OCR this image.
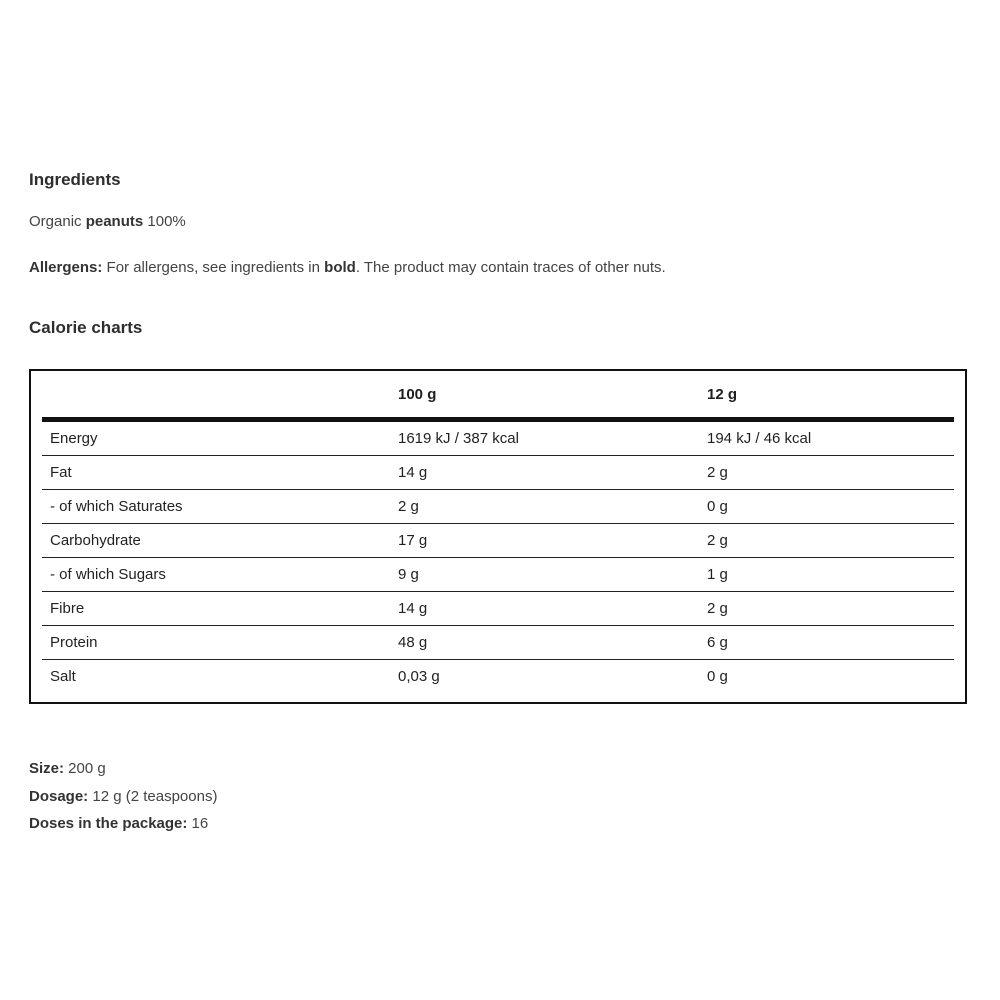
Ingredients

Organic peanuts 100%

Allergens: For allergens, see ingredients in bold. The product may contain traces of other nuts.

Calorie charts
	100 g	12 g
Energy	1619 kJ / 387 kcal	194 kJ / 46 kcal
Fat	14 g	2 g
- of which Saturates	2 g	0 g
Carbohydrate	17 g	2 g
- of which Sugars	9 g	1 g
Fibre	14 g	2 g
Protein	48 g	6 g
Salt	0,03 g	0 g

Size: 200 g

Dosage: 12 g (2 teaspoons)

Doses in the package: 16
